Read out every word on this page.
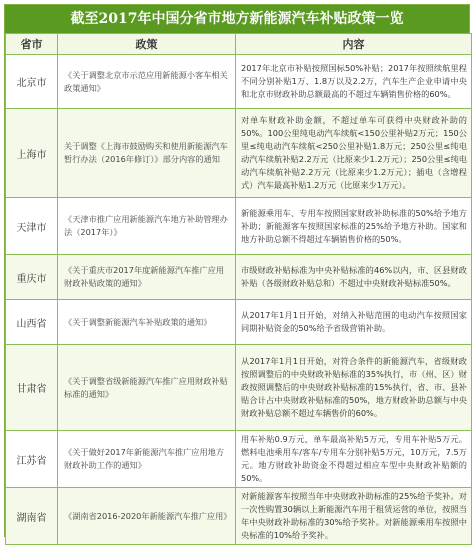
截至2017年中国分省市地方新能源汽车补贴政策一览
省市	政策	内容
北京市	《关于调整北京市示范应用新能源小客车相关政策通知》	2017年北京市补贴按照国标50%补贴；2017年按照续航里程不同分别补贴1万、1.8万以及2.2万，汽车生产企业申请中央和北京市财政补助总额最高的不超过车辆销售价格的60%。
上海市	关于调整《上海市鼓励购买和使用新能源汽车暂行办法（2016年修订）》部分内容的通知	对单车财政补助金额，不超过单车可获得中央财政补助的50%。100公里纯电动汽车续航<150公里补贴2万元；150公里≤纯电动汽车续航<250公里补贴1.8万元；250公里≤纯电动汽车续航补贴2.2万元（比原来少1.2万元）；250公里≤纯电动汽车续航补贴2.2万元（比原来少1.2万元）；插电（含增程式）汽车最高补贴1.2万元（比原来少1万元）。
天津市	《天津市推广应用新能源汽车地方补助管理办法（2017年）》	新能源乘用车、专用车按照国家财政补助标准的50%给予地方补助；新能源客车按照国家标准的25%给予地方补助。国家和地方补助总额不得超过车辆销售价格的50%。
重庆市	《关于重庆市2017年度新能源汽车推广应用财政补贴政策的通知》	市级财政补贴标准为中央补贴标准的46%以内，市、区县财政补贴（各级财政补贴总和）不超过中央财政补贴标准50%。
山西省	《关于调整新能源汽车补贴政策的通知》	从2017年1月1日开始，对纳入补贴范围的电动汽车按照国家同期补贴资金的50%给予省级营销补助。
甘肃省	《关于调整省级新能源汽车推广应用财政补贴标准的通知》	从2017年1月1日开始，对符合条件的新能源汽车，省级财政按照调整后的中央财政补贴标准的35%执行，市（州、区）财政按照调整后的中央财政补贴标准的15%执行，省、市、县补贴合计占中央财政补贴标准的50%，地方财政补助总额与中央财政补贴总额不超过车辆售价的60%。
江苏省	《关于做好2017年新能源汽车推广应用地方财政补助工作的通知》	用车补贴0.9万元，单车最高补贴5万元，专用车补贴5万元。燃料电池乘用车/客车/专用车分别补贴5万元，10万元，7.5万元。地方财政补助资金不得超过相应车型中央财政补贴额的50%。
湖南省	《湖南省2016-2020年新能源汽车推广应用》	对新能源客车按照当年中央财政补助标准的25%给予奖补。对一次性购置30辆以上新能源汽车用于租赁运营的单位，按照当年中央财政补助标准的30%给予奖补。对新能源乘用车按照中央标准的10%给予奖补。
